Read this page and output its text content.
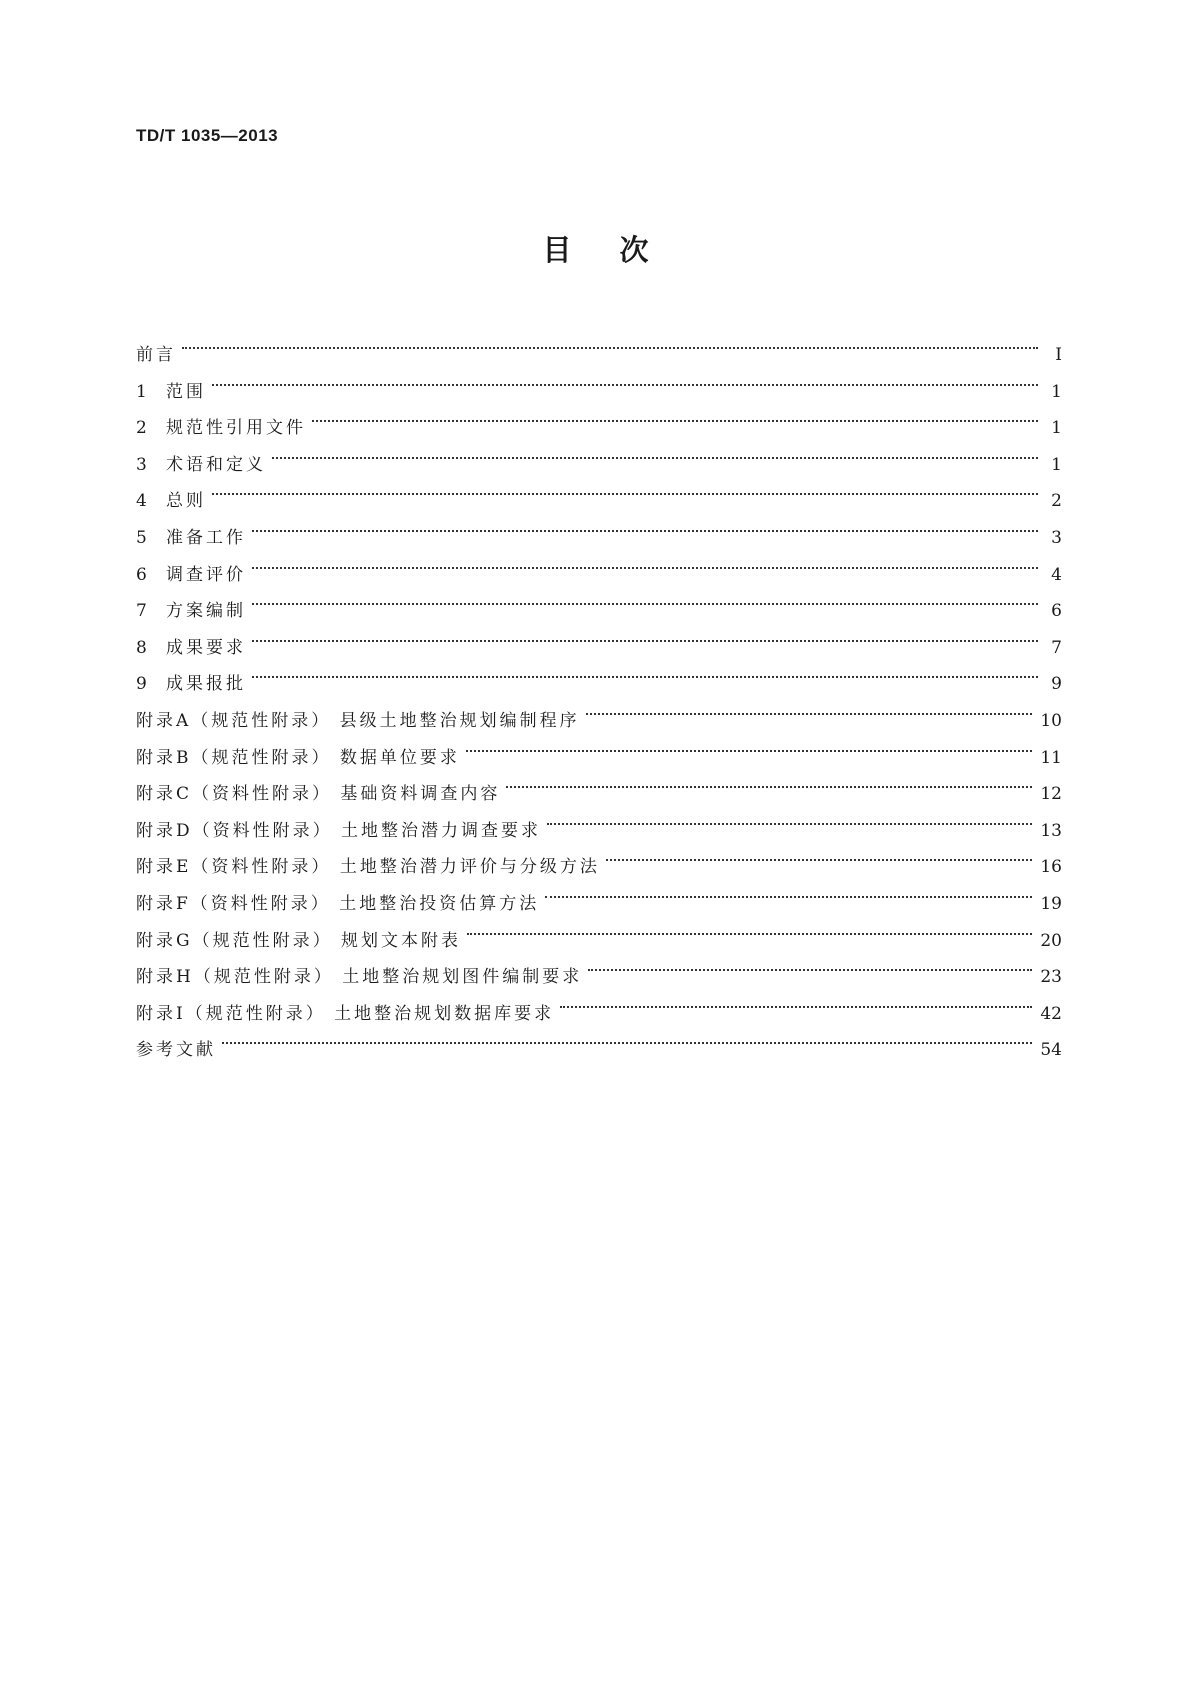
TD/T 1035—2013
目次
前言	Ⅰ
1	范围	1
2	规范性引用文件	1
3	术语和定义	1
4	总则	2
5	准备工作	3
6	调查评价	4
7	方案编制	6
8	成果要求	7
9	成果报批	9
附录A（规范性附录） 县级土地整治规划编制程序	10
附录B（规范性附录） 数据单位要求	11
附录C（资料性附录） 基础资料调查内容	12
附录D（资料性附录） 土地整治潜力调查要求	13
附录E（资料性附录） 土地整治潜力评价与分级方法	16
附录F（资料性附录） 土地整治投资估算方法	19
附录G（规范性附录） 规划文本附表	20
附录H（规范性附录） 土地整治规划图件编制要求	23
附录I（规范性附录） 土地整治规划数据库要求	42
参考文献	54
